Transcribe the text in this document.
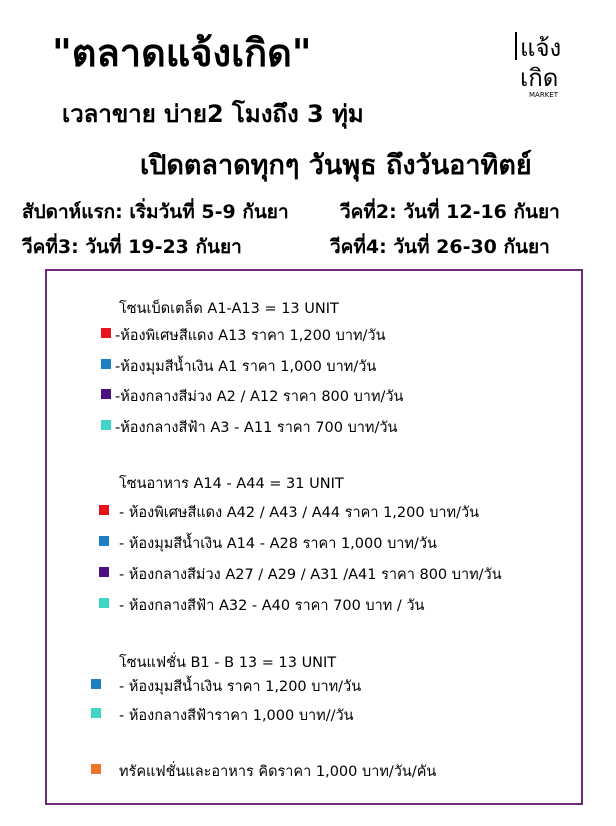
"ตลาดแจ้งเกิด"	แจ้ง
เกิด
MARKET
เวลาขาย บ่าย2 โมงถึง 3 ทุ่ม
เปิดตลาดทุกๆ วันพุธ ถึงวันอาทิตย์
สัปดาห์แรก: เริ่มวันที่ 5-9 กันยา	วีคที่2: วันที่ 12-16 กันยา
วีคที่3: วันที่ 19-23 กันยา	วีคที่4: วันที่ 26-30 กันยา
โซนเบ็ดเตล็ด A1-A13 = 13 UNIT
-ห้องพิเศษสีแดง A13 ราคา 1,200 บาท/วัน
-ห้องมุมสีน้ำเงิน A1 ราคา 1,000 บาท/วัน
-ห้องกลางสีม่วง A2 / A12 ราคา 800 บาท/วัน
-ห้องกลางสีฟ้า A3 - A11 ราคา 700 บาท/วัน
โซนอาหาร A14 - A44 = 31 UNIT
- ห้องพิเศษสีแดง A42 / A43 / A44 ราคา 1,200 บาท/วัน
- ห้องมุมสีน้ำเงิน A14 - A28 ราคา 1,000 บาท/วัน
- ห้องกลางสีม่วง A27 / A29 / A31 /A41 ราคา 800 บาท/วัน
- ห้องกลางสีฟ้า A32 - A40 ราคา 700 บาท / วัน
โซนแฟชั่น B1 - B 13 = 13 UNIT
- ห้องมุมสีน้ำเงิน ราคา 1,200 บาท/วัน
- ห้องกลางสีฟ้าราคา 1,000 บาท//วัน
ทรัคแฟชั่นและอาหาร คิดราคา 1,000 บาท/วัน/คัน
